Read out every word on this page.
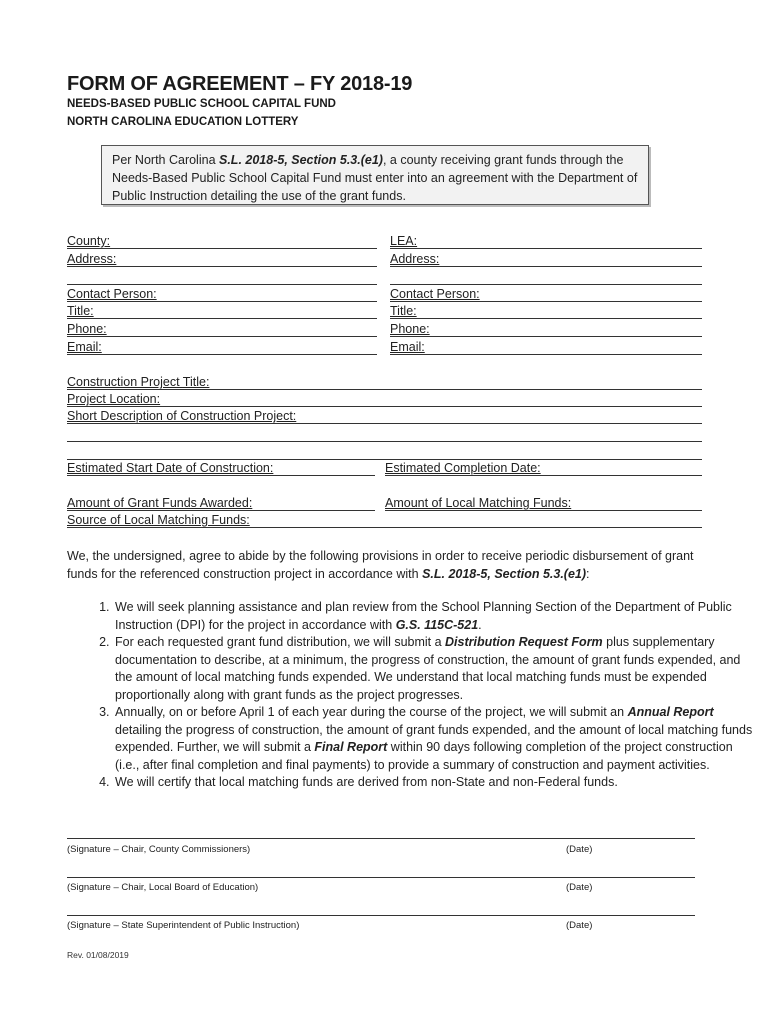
FORM OF AGREEMENT – FY 2018-19
NEEDS-BASED PUBLIC SCHOOL CAPITAL FUND
NORTH CAROLINA EDUCATION LOTTERY
Per North Carolina S.L. 2018-5, Section 5.3.(e1), a county receiving grant funds through the Needs-Based Public School Capital Fund must enter into an agreement with the Department of Public Instruction detailing the use of the grant funds.
County:	LEA:
Address:	Address:
Contact Person:	Contact Person:
Title:	Title:
Phone:	Phone:
Email:	Email:
Construction Project Title:
Project Location:
Short Description of Construction Project:
Estimated Start Date of Construction:	Estimated Completion Date:
Amount of Grant Funds Awarded:	Amount of Local Matching Funds:
Source of Local Matching Funds:
We, the undersigned, agree to abide by the following provisions in order to receive periodic disbursement of grant funds for the referenced construction project in accordance with S.L. 2018-5, Section 5.3.(e1):
1. We will seek planning assistance and plan review from the School Planning Section of the Department of Public Instruction (DPI) for the project in accordance with G.S. 115C-521.
2. For each requested grant fund distribution, we will submit a Distribution Request Form plus supplementary documentation to describe, at a minimum, the progress of construction, the amount of grant funds expended, and the amount of local matching funds expended. We understand that local matching funds must be expended proportionally along with grant funds as the project progresses.
3. Annually, on or before April 1 of each year during the course of the project, we will submit an Annual Report detailing the progress of construction, the amount of grant funds expended, and the amount of local matching funds expended. Further, we will submit a Final Report within 90 days following completion of the project construction (i.e., after final completion and final payments) to provide a summary of construction and payment activities.
4. We will certify that local matching funds are derived from non-State and non-Federal funds.
(Signature – Chair, County Commissioners)	(Date)
(Signature – Chair, Local Board of Education)	(Date)
(Signature – State Superintendent of Public Instruction)	(Date)
Rev. 01/08/2019
